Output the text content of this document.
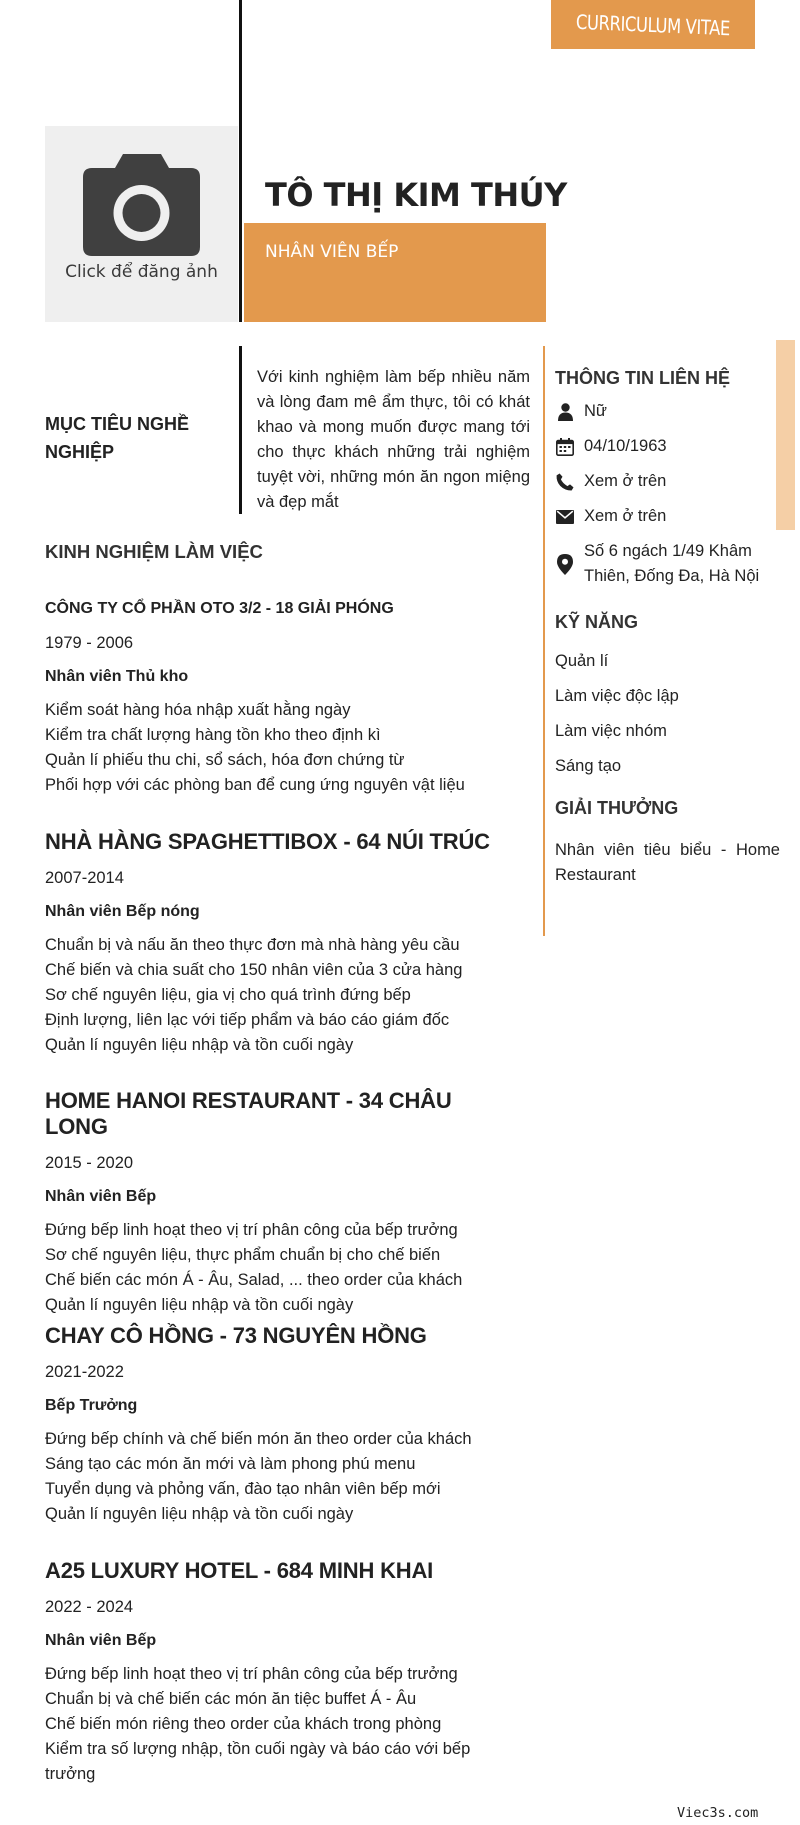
CURRICULUM VITAE
Click để đăng ảnh
TÔ THỊ KIM THÚY
NHÂN VIÊN BẾP
MỤC TIÊU NGHỀ NGHIỆP
Với kinh nghiệm làm bếp nhiều năm và lòng đam mê ẩm thực, tôi có khát khao và mong muốn được mang tới cho thực khách những trải nghiệm tuyệt vời, những món ăn ngon miệng và đẹp mắt
THÔNG TIN LIÊN HỆ
Nữ
04/10/1963
Xem ở trên
Xem ở trên
Số 6 ngách 1/49 Khâm Thiên, Đống Đa, Hà Nội
KỸ NĂNG
Quản lí
Làm việc độc lập
Làm việc nhóm
Sáng tạo
GIẢI THƯỞNG
Nhân viên tiêu biểu - Home Restaurant
KINH NGHIỆM LÀM VIỆC
CÔNG TY CỔ PHẦN OTO 3/2 - 18 GIẢI PHÓNG
1979 - 2006
Nhân viên Thủ kho
Kiểm soát hàng hóa nhập xuất hằng ngày
Kiểm tra chất lượng hàng tồn kho theo định kì
Quản lí phiếu thu chi, sổ sách, hóa đơn chứng từ
Phối hợp với các phòng ban để cung ứng nguyên vật liệu
NHÀ HÀNG SPAGHETTIBOX - 64 NÚI TRÚC
2007-2014
Nhân viên Bếp nóng
Chuẩn bị và nấu ăn theo thực đơn mà nhà hàng yêu cầu
Chế biến và chia suất cho 150 nhân viên của 3 cửa hàng
Sơ chế nguyên liệu, gia vị cho quá trình đứng bếp
Định lượng, liên lạc với tiếp phẩm và báo cáo giám đốc
Quản lí nguyên liệu nhập và tồn cuối ngày
HOME HANOI RESTAURANT - 34 CHÂU LONG
2015 - 2020
Nhân viên Bếp
Đứng bếp linh hoạt theo vị trí phân công của bếp trưởng
Sơ chế nguyên liệu, thực phẩm chuẩn bị cho chế biến
Chế biến các món Á - Âu, Salad, ... theo order của khách
Quản lí nguyên liệu nhập và tồn cuối ngày
CHAY CÔ HỒNG - 73 NGUYÊN HỒNG
2021-2022
Bếp Trưởng
Đứng bếp chính và chế biến món ăn theo order của khách
Sáng tạo các món ăn mới và làm phong phú menu
Tuyển dụng và phỏng vấn, đào tạo nhân viên bếp mới
Quản lí nguyên liệu nhập và tồn cuối ngày
A25 LUXURY HOTEL - 684 MINH KHAI
2022 - 2024
Nhân viên Bếp
Đứng bếp linh hoạt theo vị trí phân công của bếp trưởng
Chuẩn bị và chế biến các món ăn tiệc buffet Á - Âu
Chế biến món riêng theo order của khách trong phòng
Kiểm tra số lượng nhập, tồn cuối ngày và báo cáo với bếp trưởng
Viec3s.com
